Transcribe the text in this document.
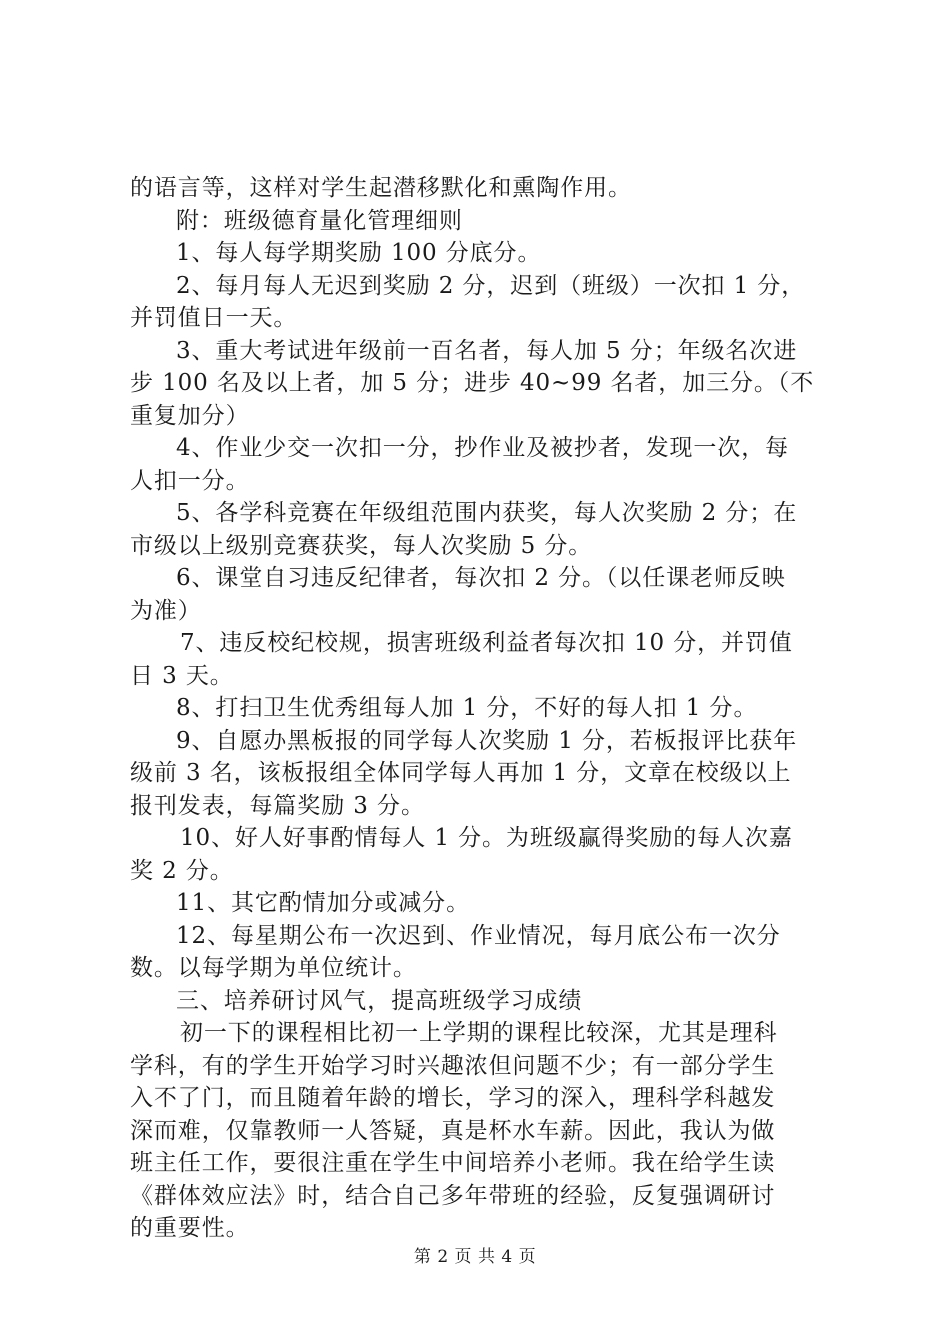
的语言等，这样对学生起潜移默化和熏陶作用。
附：班级德育量化管理细则
1、每人每学期奖励 100 分底分。
2、每月每人无迟到奖励 2 分，迟到（班级）一次扣 1 分，
并罚值日一天。
3、重大考试进年级前一百名者，每人加 5 分；年级名次进
步 100 名及以上者，加 5 分；进步 40~99 名者，加三分。（不
重复加分）
4、作业少交一次扣一分，抄作业及被抄者，发现一次，每
人扣一分。
5、各学科竞赛在年级组范围内获奖，每人次奖励 2 分；在
市级以上级别竞赛获奖，每人次奖励 5 分。
6、课堂自习违反纪律者，每次扣 2 分。（以任课老师反映
为准）
7、违反校纪校规，损害班级利益者每次扣 10 分，并罚值
日 3 天。
8、打扫卫生优秀组每人加 1 分，不好的每人扣 1 分。
9、自愿办黑板报的同学每人次奖励 1 分，若板报评比获年
级前 3 名，该板报组全体同学每人再加 1 分，文章在校级以上
报刊发表，每篇奖励 3 分。
10、好人好事酌情每人 1 分。为班级赢得奖励的每人次嘉
奖 2 分。
11、其它酌情加分或减分。
12、每星期公布一次迟到、作业情况，每月底公布一次分
数。以每学期为单位统计。
三、培养研讨风气，提高班级学习成绩
初一下的课程相比初一上学期的课程比较深，尤其是理科
学科，有的学生开始学习时兴趣浓但问题不少；有一部分学生
入不了门，而且随着年龄的增长，学习的深入，理科学科越发
深而难，仅靠教师一人答疑，真是杯水车薪。因此，我认为做
班主任工作，要很注重在学生中间培养小老师。我在给学生读
《群体效应法》时，结合自己多年带班的经验，反复强调研讨
的重要性。
第 2 页 共 4 页
